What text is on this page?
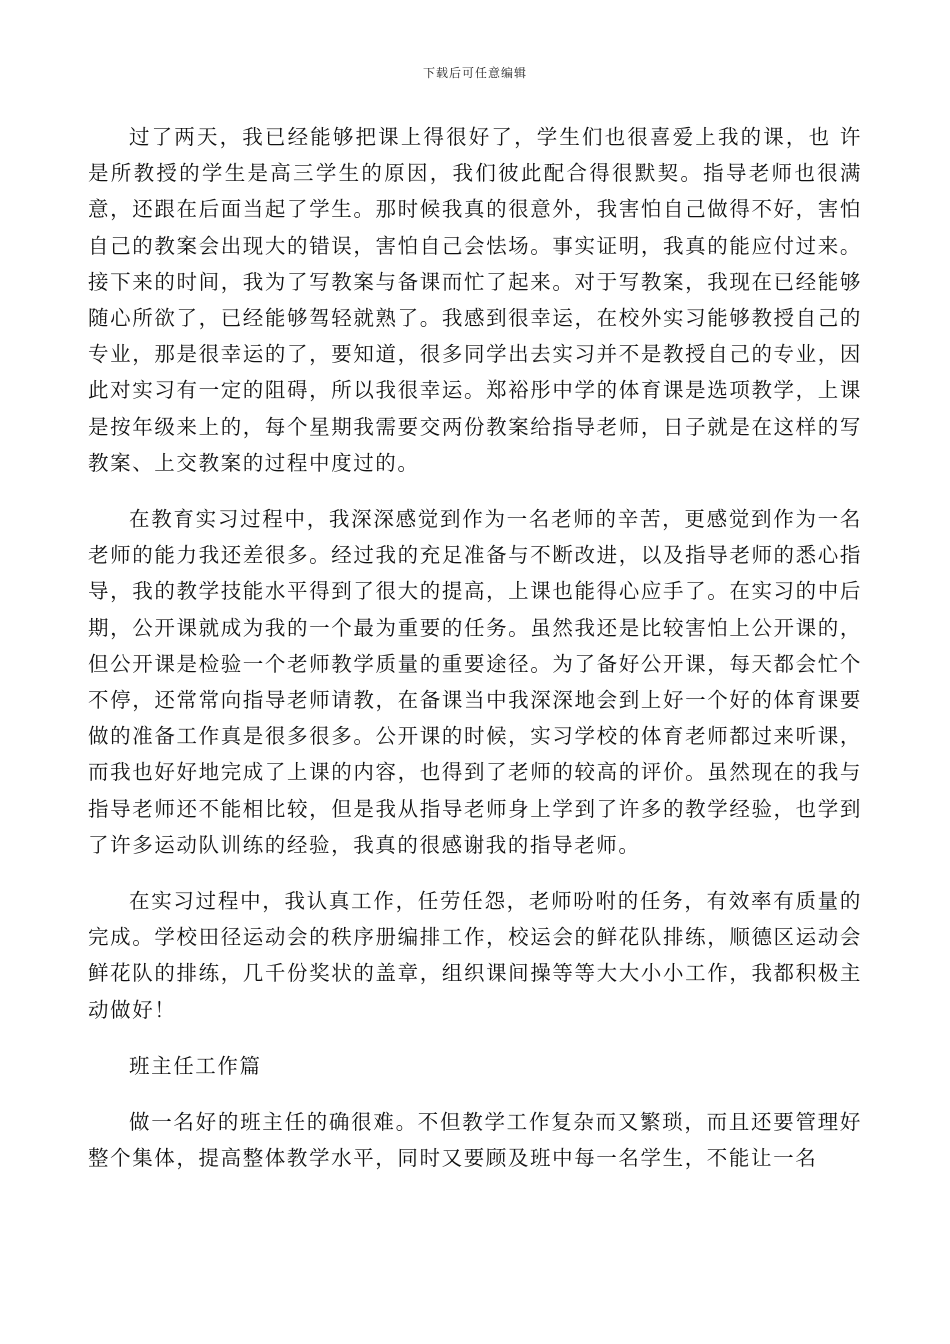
下载后可任意编辑

过了两天，我已经能够把课上得很好了，学生们也很喜爱上我的课，也 许是所教授的学生是高三学生的原因，我们彼此配合得很默契。指导老师也很满意，还跟在后面当起了学生。那时候我真的很意外，我害怕自己做得不好，害怕自己的教案会出现大的错误，害怕自己会怯场。事实证明，我真的能应付过来。接下来的时间，我为了写教案与备课而忙了起来。对于写教案，我现在已经能够随心所欲了，已经能够驾轻就熟了。我感到很幸运，在校外实习能够教授自己的专业，那是很幸运的了，要知道，很多同学出去实习并不是教授自己的专业，因此对实习有一定的阻碍，所以我很幸运。郑裕彤中学的体育课是选项教学，上课是按年级来上的，每个星期我需要交两份教案给指导老师，日子就是在这样的写教案、上交教案的过程中度过的。

在教育实习过程中，我深深感觉到作为一名老师的辛苦，更感觉到作为一名老师的能力我还差很多。经过我的充足准备与不断改进，以及指导老师的悉心指导，我的教学技能水平得到了很大的提高，上课也能得心应手了。在实习的中后期，公开课就成为我的一个最为重要的任务。虽然我还是比较害怕上公开课的，但公开课是检验一个老师教学质量的重要途径。为了备好公开课，每天都会忙个不停，还常常向指导老师请教，在备课当中我深深地会到上好一个好的体育课要 做的准备工作真是很多很多。公开课的时候，实习学校的体育老师都过来听课，而我也好好地完成了上课的内容，也得到了老师的较高的评价。虽然现在的我与指导老师还不能相比较，但是我从指导老师身上学到了许多的教学经验，也学到了许多运动队训练的经验，我真的很感谢我的指导老师。

在实习过程中，我认真工作，任劳任怨，老师吩咐的任务，有效率有质量的完成。学校田径运动会的秩序册编排工作，校运会的鲜花队排练，顺德区运动会鲜花队的排练，几千份奖状的盖章，组织课间操等等大大小小工作，我都积极主动做好！

班主任工作篇

做一名好的班主任的确很难。不但教学工作复杂而又繁琐，而且还要管理好整个集体，提高整体教学水平，同时又要顾及班中每一名学生，不能让一名
